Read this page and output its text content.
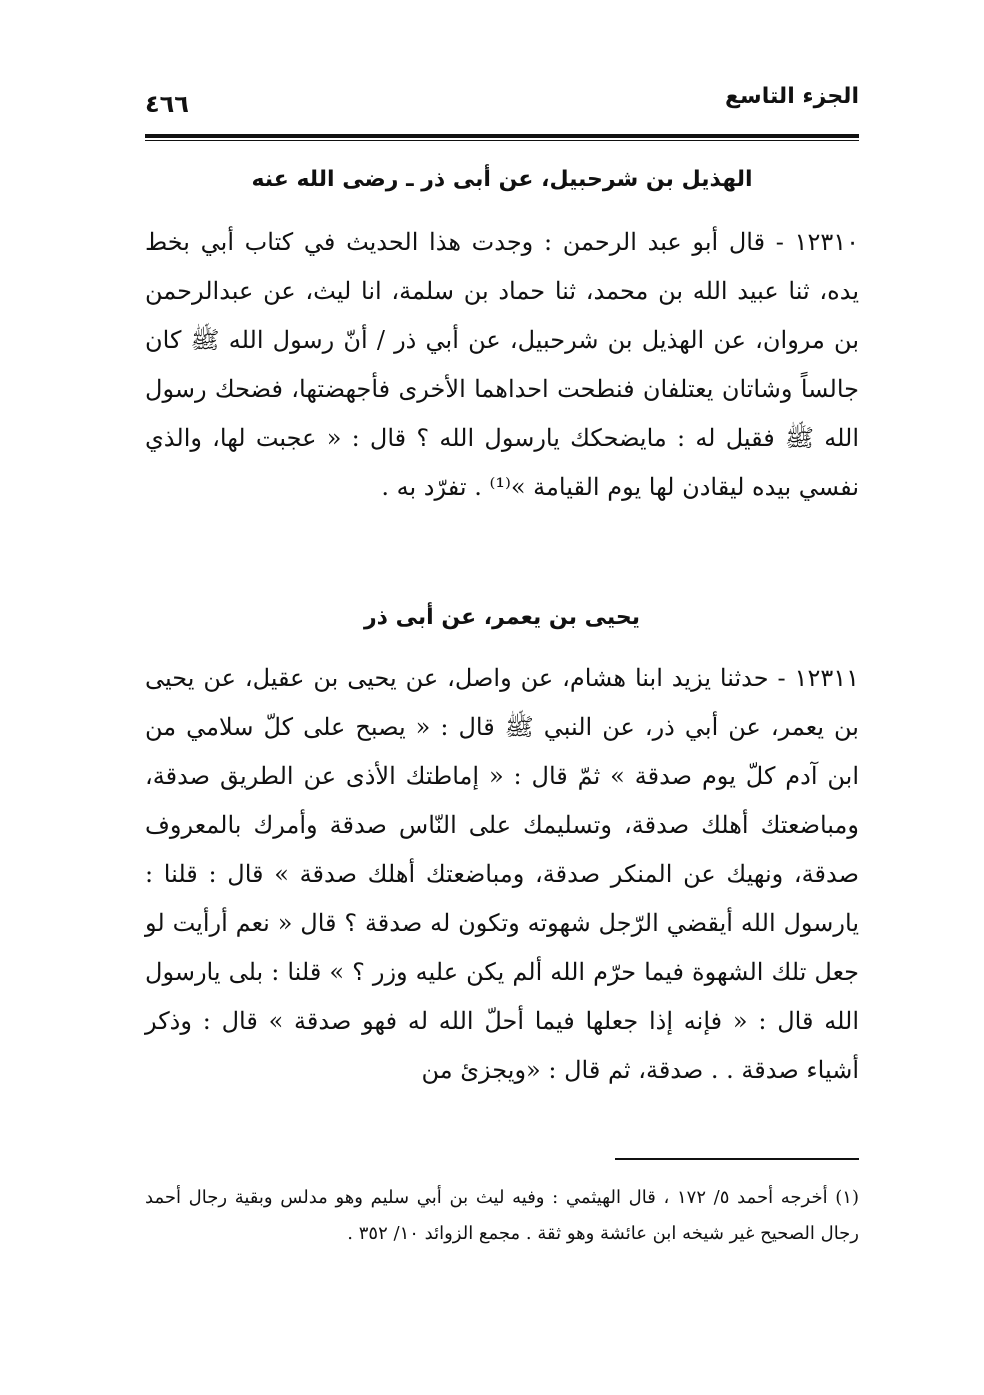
الجزء التاسع
٤٦٦
الهذيل بن شرحبيل، عن أبى ذر ـ رضى الله عنه
١٢٣١٠ - قال أبو عبد الرحمن : وجدت هذا الحديث في كتاب أبي بخط يده، ثنا عبيد الله بن محمد، ثنا حماد بن سلمة، انا ليث، عن عبدالرحمن بن مروان، عن الهذيل بن شرحبيل، عن أبي ذر / أنّ رسول الله ﷺ كان جالساً وشاتان يعتلفان فنطحت احداهما الأخرى فأجهضتها، فضحك رسول الله ﷺ فقيل له : مايضحكك يارسول الله ؟ قال : « عجبت لها، والذي نفسي بيده ليقادن لها يوم القيامة »⁽¹⁾ . تفرّد به .
يحيى بن يعمر، عن أبى ذر
١٢٣١١ - حدثنا يزيد ابنا هشام، عن واصل، عن يحيى بن عقيل، عن يحيى بن يعمر، عن أبي ذر، عن النبي ﷺ قال : « يصبح على كلّ سلامي من ابن آدم كلّ يوم صدقة » ثمّ قال : « إماطتك الأذى عن الطريق صدقة، ومباضعتك أهلك صدقة، وتسليمك على النّاس صدقة وأمرك بالمعروف صدقة، ونهيك عن المنكر صدقة، ومباضعتك أهلك صدقة » قال : قلنا : يارسول الله أيقضي الرّجل شهوته وتكون له صدقة ؟ قال « نعم أرأيت لو جعل تلك الشهوة فيما حرّم الله ألم يكن عليه وزر ؟ » قلنا : بلى يارسول الله قال : « فإنه إذا جعلها فيما أحلّ الله له فهو صدقة » قال : وذكر أشياء صدقة . . صدقة، ثم قال : «ويجزئ من
(١) أخرجه أحمد ٥/ ١٧٢ ، قال الهيثمي : وفيه ليث بن أبي سليم وهو مدلس وبقية رجال أحمد رجال الصحيح غير شيخه ابن عائشة وهو ثقة . مجمع الزوائد ١٠/ ٣٥٢ .
